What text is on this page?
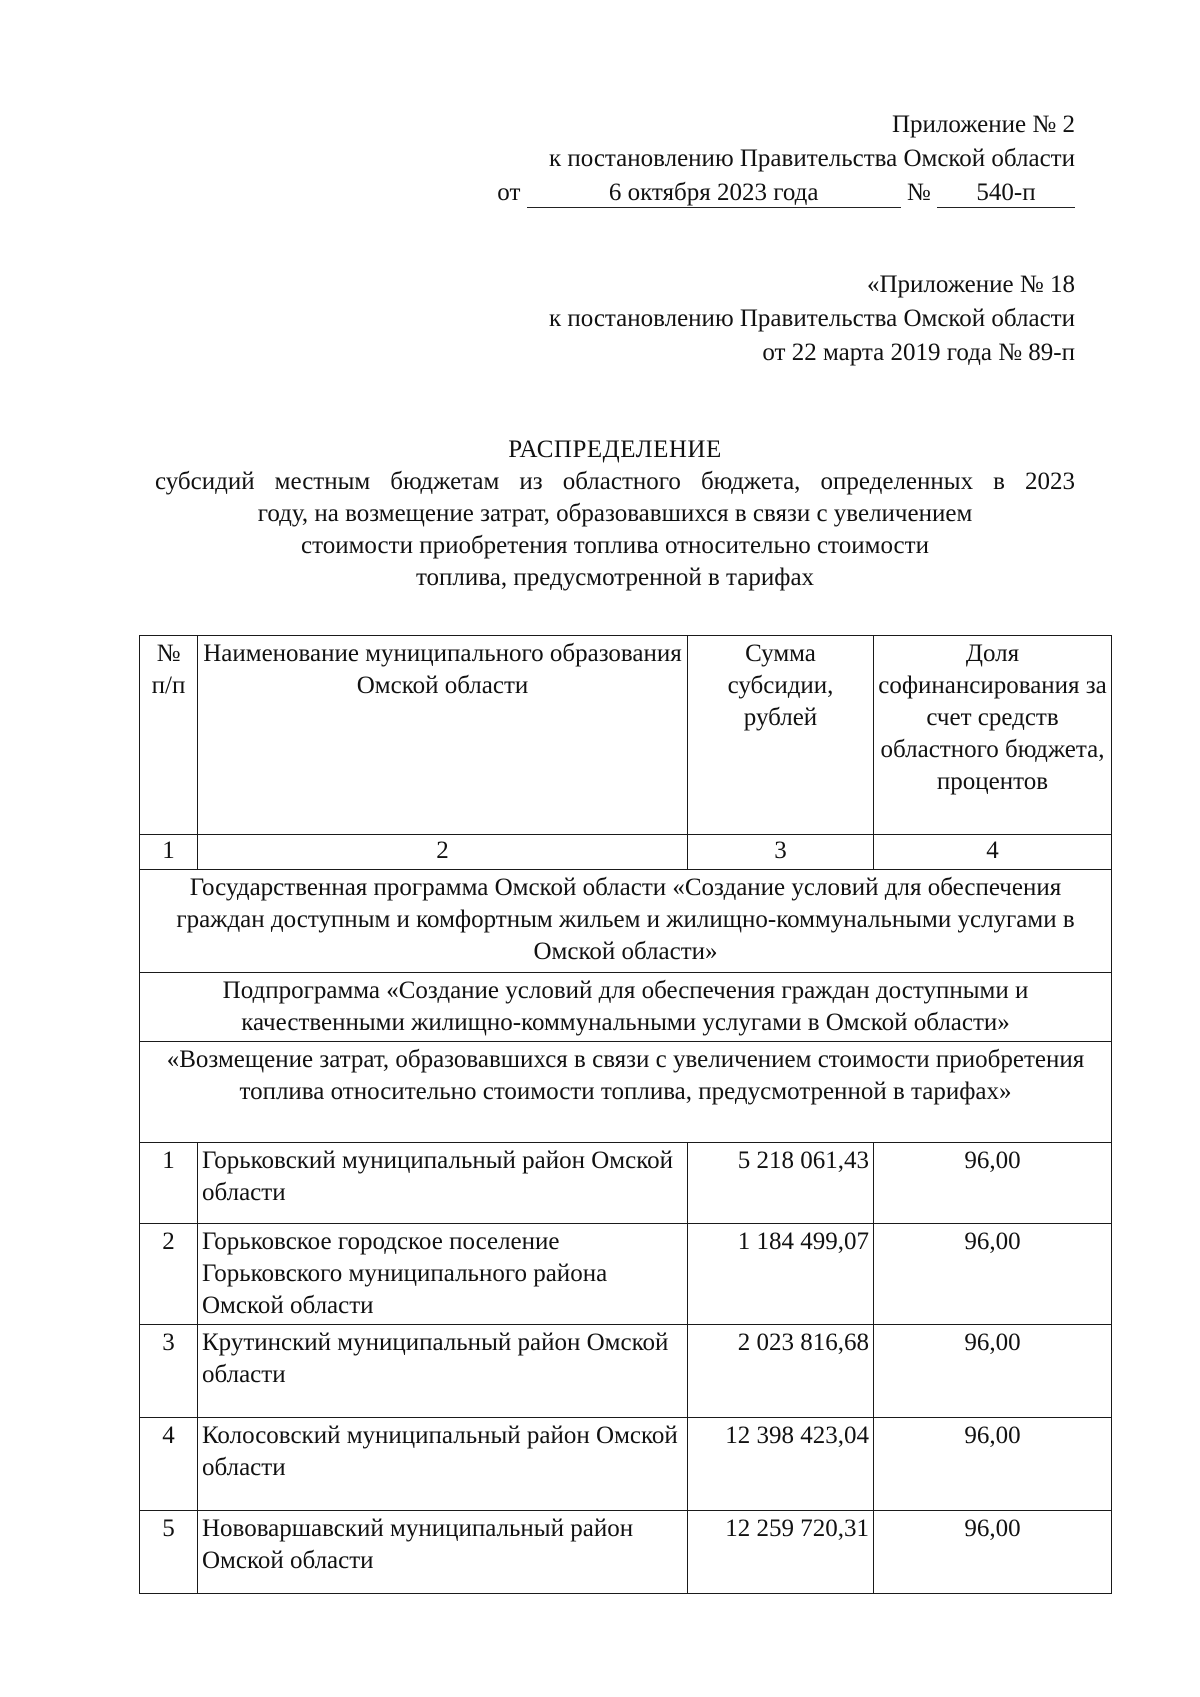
Приложение № 2
к постановлению Правительства Омской области
от	6 октября 2023 года	№ 540-п
«Приложение № 18
к постановлению Правительства Омской области
от 22 марта 2019 года № 89-п
РАСПРЕДЕЛЕНИЕ
субсидий местным бюджетам из областного бюджета, определенных в 2023
году, на возмещение затрат, образовавшихся в связи с увеличением
стоимости приобретения топлива относительно стоимости
топлива, предусмотренной в тарифах
№ п/п	Наименование муниципального образования Омской области	Сумма субсидии, рублей	Доля софинансирования за счет средств областного бюджета, процентов
1	2	3	4
Государственная программа Омской области «Создание условий для обеспечения граждан доступным и комфортным жильем и жилищно-коммунальными услугами в Омской области»			
Подпрограмма «Создание условий для обеспечения граждан доступными и качественными жилищно-коммунальными услугами в Омской области»			
«Возмещение затрат, образовавшихся в связи с увеличением стоимости приобретения топлива относительно стоимости топлива, предусмотренной в тарифах»			
1	Горьковский муниципальный район Омской области	5 218 061,43	96,00
2	Горьковское городское поселение Горьковского муниципального района Омской области	1 184 499,07	96,00
3	Крутинский муниципальный район Омской области	2 023 816,68	96,00
4	Колосовский муниципальный район Омской области	12 398 423,04	96,00
5	Нововаршавский муниципальный район Омской области	12 259 720,31	96,00
